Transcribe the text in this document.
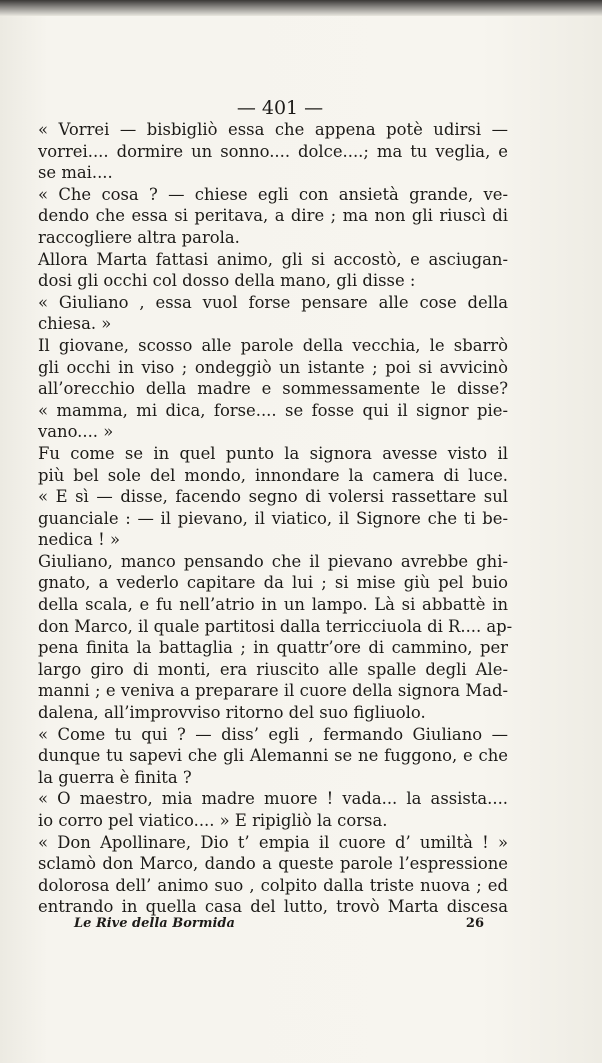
— 401 —
« Vorrei — bisbigliò essa che appena potè udirsi —
vorrei.... dormire un sonno.... dolce....; ma tu veglia, e
se mai....
« Che cosa ? — chiese egli con ansietà grande, ve-
dendo che essa si peritava, a dire ; ma non gli riuscì di
raccogliere altra parola.
Allora Marta fattasi animo, gli si accostò, e asciugan-
dosi gli occhi col dosso della mano, gli disse :
« Giuliano , essa vuol forse pensare alle cose della
chiesa. »
Il giovane, scosso alle parole della vecchia, le sbarrò
gli occhi in viso ; ondeggiò un istante ; poi si avvicinò
all’orecchio della madre e sommessamente le disse?
« mamma, mi dica, forse.... se fosse qui il signor pie-
vano.... »
Fu come se in quel punto la signora avesse visto il
più bel sole del mondo, innondare la camera di luce.
« E sì — disse, facendo segno di volersi rassettare sul
guanciale : — il pievano, il viatico, il Signore che ti be-
nedica ! »
Giuliano, manco pensando che il pievano avrebbe ghi-
gnato, a vederlo capitare da lui ; si mise giù pel buio
della scala, e fu nell’atrio in un lampo. Là si abbattè in
don Marco, il quale partitosi dalla terricciuola di R.... ap-
pena finita la battaglia ; in quattr’ore di cammino, per
largo giro di monti, era riuscito alle spalle degli Ale-
manni ; e veniva a preparare il cuore della signora Mad-
dalena, all’improvviso ritorno del suo figliuolo.
« Come tu qui ? — diss’ egli , fermando Giuliano —
dunque tu sapevi che gli Alemanni se ne fuggono, e che
la guerra è finita ?
« O maestro, mia madre muore ! vada... la assista....
io corro pel viatico.... » E ripigliò la corsa.
« Don Apollinare, Dio t’ empia il cuore d’ umiltà ! »
sclamò don Marco, dando a queste parole l’espressione
dolorosa dell’ animo suo , colpito dalla triste nuova ; ed
entrando in quella casa del lutto, trovò Marta discesa
Le Rive della Bormida	26
